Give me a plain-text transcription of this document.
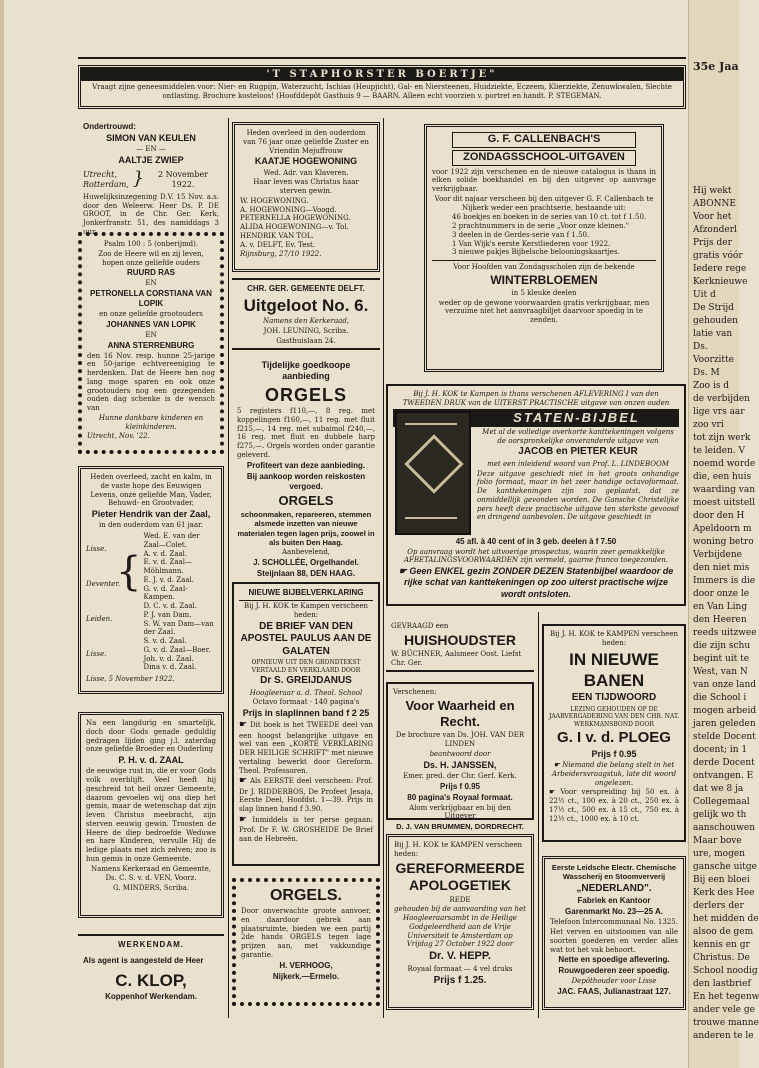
35e Jaa
Hij wekt
ABONNE
Voor het
Afzonderl
Prijs der
gratis vóór
Iedere rege
Kerknieuwe
Uit d
De Strijd
gehouden
latie van
Ds.
Voorzitte
Ds. M
Zoo is d
de verbijden
lige vrs aar
zoo vri
tot zijn werk
te leiden. V
noemd worde
die, een huis
waarding van
moest uitstell
door den H
Apeldoorn m
woning betro
Verbijdene
den niet mis
Immers is die
door onze le
en Van Ling
den Heeren
reeds uitzwee
die zijn schu
begint uit te
West, van N
van onze land
die School i
mogen arbeid
jaren geleden
stelde Docent
docent; in 1
derde Docent
ontvangen. E
dat we 8 ja
Collegemaal
gelijk wo th
aanschouwen
Maar bove
ure, mogen
gansche uitge
Bij een bloei
Kerk des Hee
derlers der
het midden de
alsoo de gem
kennis en gr
Christus. De
School noodig
den lastbrief
En het tegenw
ander vele ge
trouwe manne
anderen te le
'T STAPHORSTER BOERTJE"
Vraagt zijne geneesmiddelen voor: Nier- en Rugpijn, Waterzucht, Ischias (Heupjicht), Gal- en Niersteenen, Huidziekte, Eczeem, Klierziekte, Zenuwkwalen, Slechte ontlasting. Brochure kosteloos! (Hoofddepôt Gasthuis 9 — BAARN. Alleen echt voorzien v. portret en handt. P. STEGEMAN.

Ondertrouwd:

SIMON VAN KEULEN

— EN —

AALTJE ZWIEP

Utrecht,
Rotterdam, }	2 November 1922.

Huwelijksinzegening D.V. 15 Nov. a.s. door den Weleerw. Heer Ds. P. DE GROOT, in de Chr. Ger. Kerk, Jonkerfranstr. 51, des namiddags 3 uur.

Psalm 100 : 5 (onberijmd).

Zoo de Heere wil en zij leven, hopen onze geliefde ouders

RUURD RAS

EN

PETRONELLA CORSTIANA VAN LOPIK

en onze geliefde grootouders

JOHANNES VAN LOPIK

EN

ANNA STERRENBURG

den 16 Nov. resp. hunne 25-jarige en 50-jarige echtvereeniging te herdenken. Dat de Heere hen nog lang moge sparen en ook onze grootouders nog een gezegenden ouden dag schenke is de wensch van

Hunne dankbare kinderen en kleinkinderen.

Utrecht, Nov. '22.

Heden overleed, zacht en kalm, in de vaste hope des Eeuwigen Levens, onze geliefde Man, Vader, Behuwd- en Grootvader,

Pieter Hendrik van der Zaal,

in den ouderdom van 61 jaar.

Lisse.
Deventer.
Leiden.
Lisse.
{
Wed. E. van der Zaal—Colet.
A. v. d. Zaal.
E. v. d. Zaal—Möhlmann.
E. J. v. d. Zaal.
G. v. d. Zaal-Kampen.
D. C. v. d. Zaal.
P. J. van Dam.
S. W. van Dam—van der Zaal.
S. v. d. Zaal.
G. v. d. Zaal—Boer.
Joh. v. d. Zaal.
Dina v. d. Zaal.

Lisse, 5 November 1922.

Na een langdurig en smartelijk, doch door Gods genade geduldig gedragen lijden ging j.l. zaterdag onze geliefde Broeder en Ouderling

P. H. v. d. ZAAL

de eeuwige rust in, die er voor Gods volk overblijft. Veel heeft hij geschreid tot heil onzer Gemeente, daarom gevoelen wij ons diep het gemis, maar de wetenschap dat zijn leven Christus meebracht, zijn sterven eeuwig gewin. Troosten de Heere de diep bedroefde Weduwe en hare Kinderen, vervulle Hij de ledige plaats met zich zelven; zoo is hun gemis in onze Gemeente.

Namens Kerkeraad en Gemeente,

Ds. C. S. v. d. VEN, Voorz.

G. MINDERS, Scriba.

WERKENDAM.

Als agent is aangesteld de Heer

C. KLOP,

Koppenhof Werkendam.

Heden overleed in den ouderdom van 76 jaar onze geliefde Zuster en Vriendin Mejuffrouw

KAATJE HOGEWONING

Wed. Adr. van Klaveren.

Haar leven was Christus haar sterven gewin.

W. HOGEWONING.
A. HOGEWONING—Voogd.
PETERNELLA HOGEWONING.
ALIDA HOGEWONING—v. Tol.
HENDRIK VAN TOL.
A. v. DELFT, Ev. Test.

Rijnsburg, 27/10 1922.

CHR. GER. GEMEENTE DELFT.

Uitgeloot No. 6.

Namens den Kerkeraad,

JOH. LEUNING, Scriba.

Gasthuislaan 24.

Tijdelijke goedkoope aanbieding

ORGELS

5 registers f110,—, 8 reg. met koppelingen f160,—, 11 reg. met fluit f215,—, 14 reg. met subaimol f240,—, 16 reg. met fluit en dubbele harp f275,—. Orgels worden onder garantie geleverd.

Profiteert van deze aanbieding.

Bij aankoop worden reiskosten vergoed.

ORGELS

schoonmaken, repareeren, stemmen alsmede inzetten van nieuwe materialen tegen lagen prijs, zoowel in als buiten Den Haag.

Aanbevelend,

J. SCHOLLÉE, Orgelhandel.

Steijnlaan 88, DEN HAAG.

NIEUWE BIJBELVERKLARING

Bij J. H. KOK te Kampen verscheen heden:

DE BRIEF VAN DEN APOSTEL PAULUS AAN DE GALATEN

OPNIEUW UIT DEN GRONDTEKST VERTAALD EN VERKLAARD DOOR

Dr S. GREIJDANUS

Hoogleeraar a. d. Theol. School

Octavo formaat · 140 pagina's

Prijs in slaplinnen band f 2 25

☛ Dit boek is het TWEEDE deel van een hoogst belangrijke uitgave en wel van een „KORTE VERKLARING DER HEILIGE SCHRIFT" met nieuwe vertaling bewerkt door Gereform. Theol. Professoren.

☛ Als EERSTE deel verscheen: Prof. Dr J. RIDDERBOS, De Profeet Jesaja, Eerste Deel, Hoofdst. 1—39. Prijs in slap linnen band f 3.90.

☛ Inmiddels is ter perse gegaan: Prof. Dr F. W. GROSHEIDE De Brief aan de Hebreën.

ORGELS.

Door onverwachte groote aanvoer, en daardoor gebrek aan plaatsruimte, bieden we een partij 2de hands ORGELS tegen lage prijzen aan, met vakkundige garantie.

H. VERHOOG,

Nijkerk.—Ermelo.

G. F. CALLENBACH'S

ZONDAGSSCHOOL-UITGAVEN

voor 1922 zijn verschenen en de nieuwe catalogus is thans in elken solide boekhandel en bij den uitgever op aanvrage verkrijgbaar.

Voor dit najaar verscheen bij den uitgever G. F. Callenbach te Nijkerk weder een prachtserie, bestaande uit:

46 boekjes en boeken in de series van 10 ct. tot f 1.50.
2 prachtnummers in de serie „Voor onze kleinen."
3 deelen in de Gerdes-serie van f 1.50.
1 Van Wijk's eerste Kerstliederen voor 1922.
3 nieuwe pakjes Bijbelsche belooningskaartjes.

Voor Hoofden van Zondagsscholen zijn de bekende

WINTERBLOEMEN

in 5 kleuke deelen

weder op de gewone voorwaarden gratis verkrijgbaar, men verzuime niet het aanvraagbiljet daarvoor spoedig in te zenden.

Bij J. H. KOK te Kampen is thans verschenen AFLEVERING I van den TWEEDEN DRUK van de UITERST PRACTISCHE uitgave van onzen ouden

STATEN-BIJBEL

Met al de volledige overkorte kanttekeningen volgens de oorspronkelijke onveranderde uitgave van

JACOB en PIETER KEUR

met een inleidend woord van Prof. L. LINDEBOOM

Deze uitgave geschiedt niet in het groots onhandige folio formaat, maar in het zeer handige octavoformaat. De kanttekeningen zijn zoo geplaatst, dat ze onmiddellijk gevonden worden. De Gansche Christelijke pers heeft deze practische uitgave ten sterkste gevoosd en dringend aanbevolen. De uitgave geschiedt in

45 afl. à 40 cent of in 3 geb. deelen à f 7.50

Op aanvraag wordt het uitvoerige prospectus, waarin zeer gemakkelijke AFBETALINGSVOORWAARDEN zijn vermeld, gaarne franco toegezonden.

☛ Geen ENKEL gezin ZONDER DEZEN Statenbijbel waardoor de rijke schat van kanttekeningen op zoo uiterst practische wijze wordt ontsloten.

GEVRAAGD een

HUISHOUDSTER

W. BÜCHNER, Aalsmeer Oost. Liefst Chr. Ger.

Verschenen:

Voor Waarheid en Recht.

De brochure van Ds. JOH. VAN DER LINDEN

beantwoord door

Ds. H. JANSSEN,

Emer. pred. der Chr. Gerf. Kerk.

Prijs f 0.95

80 pagina's Royaal formaat.

Alom verkrijgbaar en bij den Uitgever

D. J. VAN BRUMMEN, DORDRECHT.

Bij J. H. KOK te KAMPEN verscheen heden:

GEREFORMEERDE APOLOGETIEK

REDE

gehouden bij de aanvaarding van het Hoogleeraarsambt in de Heilige Godgeleerdheid aan de Vrije Universiteit te Amsterdam op Vrijdag 27 October 1922 door

Dr. V. HEPP.

Royaal formaat — 4 vel druks

Prijs f 1.25.

Bij J. H. KOK te KAMPEN verscheen heden:

IN NIEUWE BANEN

EEN TIJDWOORD

LEZING GEHOUDEN OP DE JAARVERGADERING VAN DEN CHR. NAT. WERKMANSBOND DOOR

G. I v. d. PLOEG

Prijs f 0.95

☛ Niemand die belang stelt in het Arbeidersvraagstuk, late dit woord ongelezen.

☛ Voor verspreiding bij 50 ex. à 22½ ct., 100 ex. à 20 ct., 250 ex. à 17½ ct., 500 ex. à 15 ct., 750 ex. à 12½ ct., 1000 ex. à 10 ct.

Eerste Leidsche Electr. Chemische Wasscherij en Stoomververij

„NEDERLAND".

Fabriek en Kantoor

Garenmarkt No. 23—25 A.

Telefoon Intercommunaal No. 1325.

Het verven en uitstoomen van alle soorten goederen en verder alles wat tot het vak behoort.

Nette en spoedige aflevering.

Rouwgoederen zeer spoedig.

Depôthouder voor Lisse

JAC. FAAS, Julianastraat 127.
